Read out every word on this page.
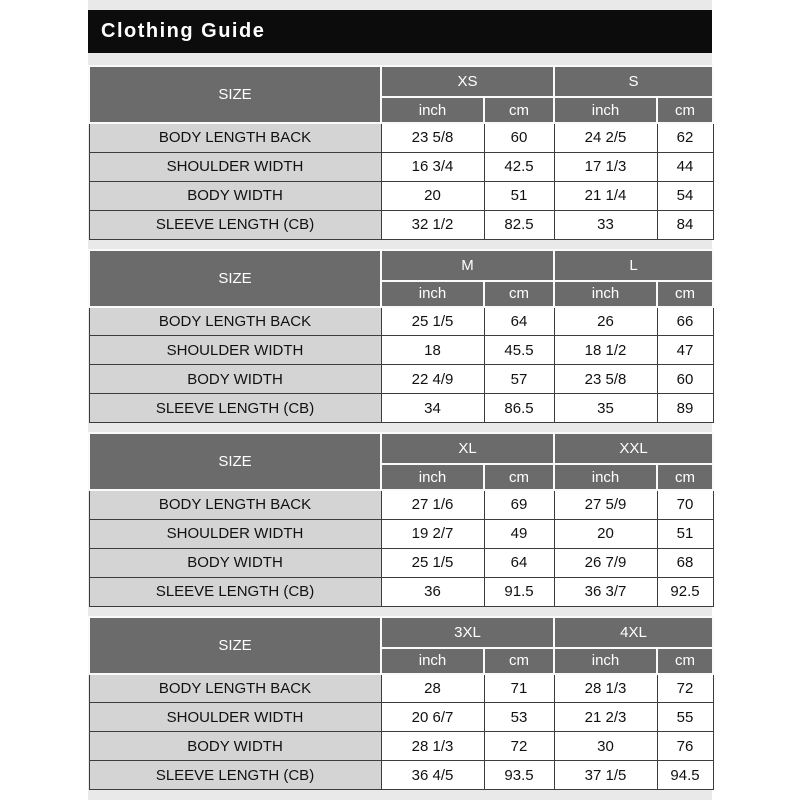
Clothing Guide
SIZE	XS		S	
	inch	cm	inch	cm
BODY LENGTH BACK	23 5/8	60	24 2/5	62
SHOULDER WIDTH	16 3/4	42.5	17 1/3	44
BODY WIDTH	20	51	21 1/4	54
SLEEVE LENGTH (CB)	32 1/2	82.5	33	84
SIZE	M		L	
	inch	cm	inch	cm
BODY LENGTH BACK	25 1/5	64	26	66
SHOULDER WIDTH	18	45.5	18 1/2	47
BODY WIDTH	22 4/9	57	23 5/8	60
SLEEVE LENGTH (CB)	34	86.5	35	89
SIZE	XL		XXL	
	inch	cm	inch	cm
BODY LENGTH BACK	27 1/6	69	27 5/9	70
SHOULDER WIDTH	19 2/7	49	20	51
BODY WIDTH	25 1/5	64	26 7/9	68
SLEEVE LENGTH (CB)	36	91.5	36 3/7	92.5
SIZE	3XL		4XL	
	inch	cm	inch	cm
BODY LENGTH BACK	28	71	28 1/3	72
SHOULDER WIDTH	20 6/7	53	21 2/3	55
BODY WIDTH	28 1/3	72	30	76
SLEEVE LENGTH (CB)	36 4/5	93.5	37 1/5	94.5
